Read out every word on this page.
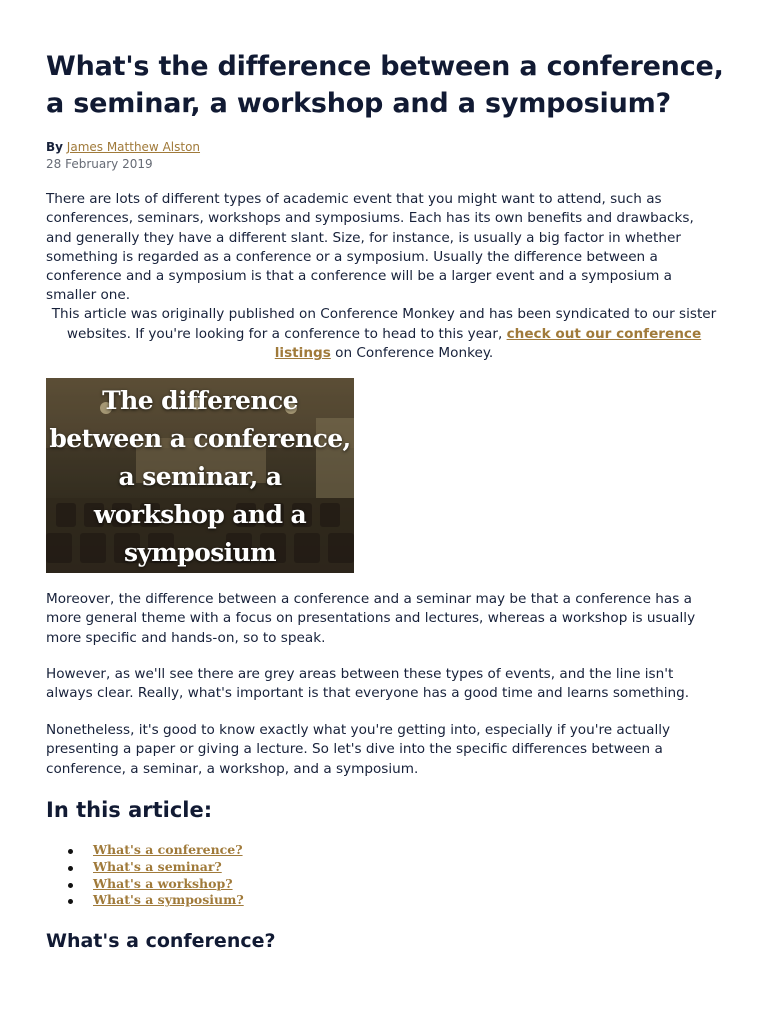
What's the difference between a conference, a seminar, a workshop and a symposium?
By James Matthew Alston
28 February 2019

There are lots of different types of academic event that you might want to attend, such as conferences, seminars, workshops and symposiums. Each has its own benefits and drawbacks, and generally they have a different slant. Size, for instance, is usually a big factor in whether something is regarded as a conference or a symposium. Usually the difference between a conference and a symposium is that a conference will be a larger event and a symposium a smaller one.

This article was originally published on Conference Monkey and has been syndicated to our sister websites. If you're looking for a conference to head to this year, check out our conference listings on Conference Monkey.

The difference
between a conference,
a seminar, a
workshop and a
symposium

Moreover, the difference between a conference and a seminar may be that a conference has a more general theme with a focus on presentations and lectures, whereas a workshop is usually more specific and hands-on, so to speak.

However, as we'll see there are grey areas between these types of events, and the line isn't always clear. Really, what's important is that everyone has a good time and learns something.

Nonetheless, it's good to know exactly what you're getting into, especially if you're actually presenting a paper or giving a lecture. So let's dive into the specific differences between a conference, a seminar, a workshop, and a symposium.

In this article:
What's a conference?
What's a seminar?
What's a workshop?
What's a symposium?
What's a conference?
